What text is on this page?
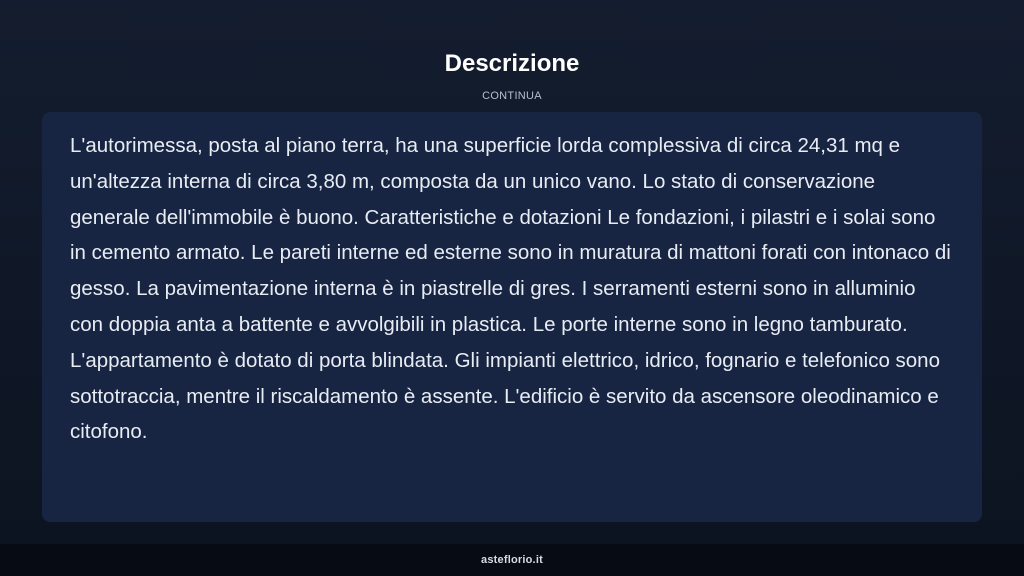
Descrizione
CONTINUA

L'autorimessa, posta al piano terra, ha una superficie lorda complessiva di circa 24,31 mq e un'altezza interna di circa 3,80 m, composta da un unico vano. Lo stato di conservazione generale dell'immobile è buono. Caratteristiche e dotazioni Le fondazioni, i pilastri e i solai sono in cemento armato. Le pareti interne ed esterne sono in muratura di mattoni forati con intonaco di gesso. La pavimentazione interna è in piastrelle di gres. I serramenti esterni sono in alluminio con doppia anta a battente e avvolgibili in plastica. Le porte interne sono in legno tamburato. L'appartamento è dotato di porta blindata. Gli impianti elettrico, idrico, fognario e telefonico sono sottotraccia, mentre il riscaldamento è assente. L'edificio è servito da ascensore oleodinamico e citofono.

asteflorio.it
